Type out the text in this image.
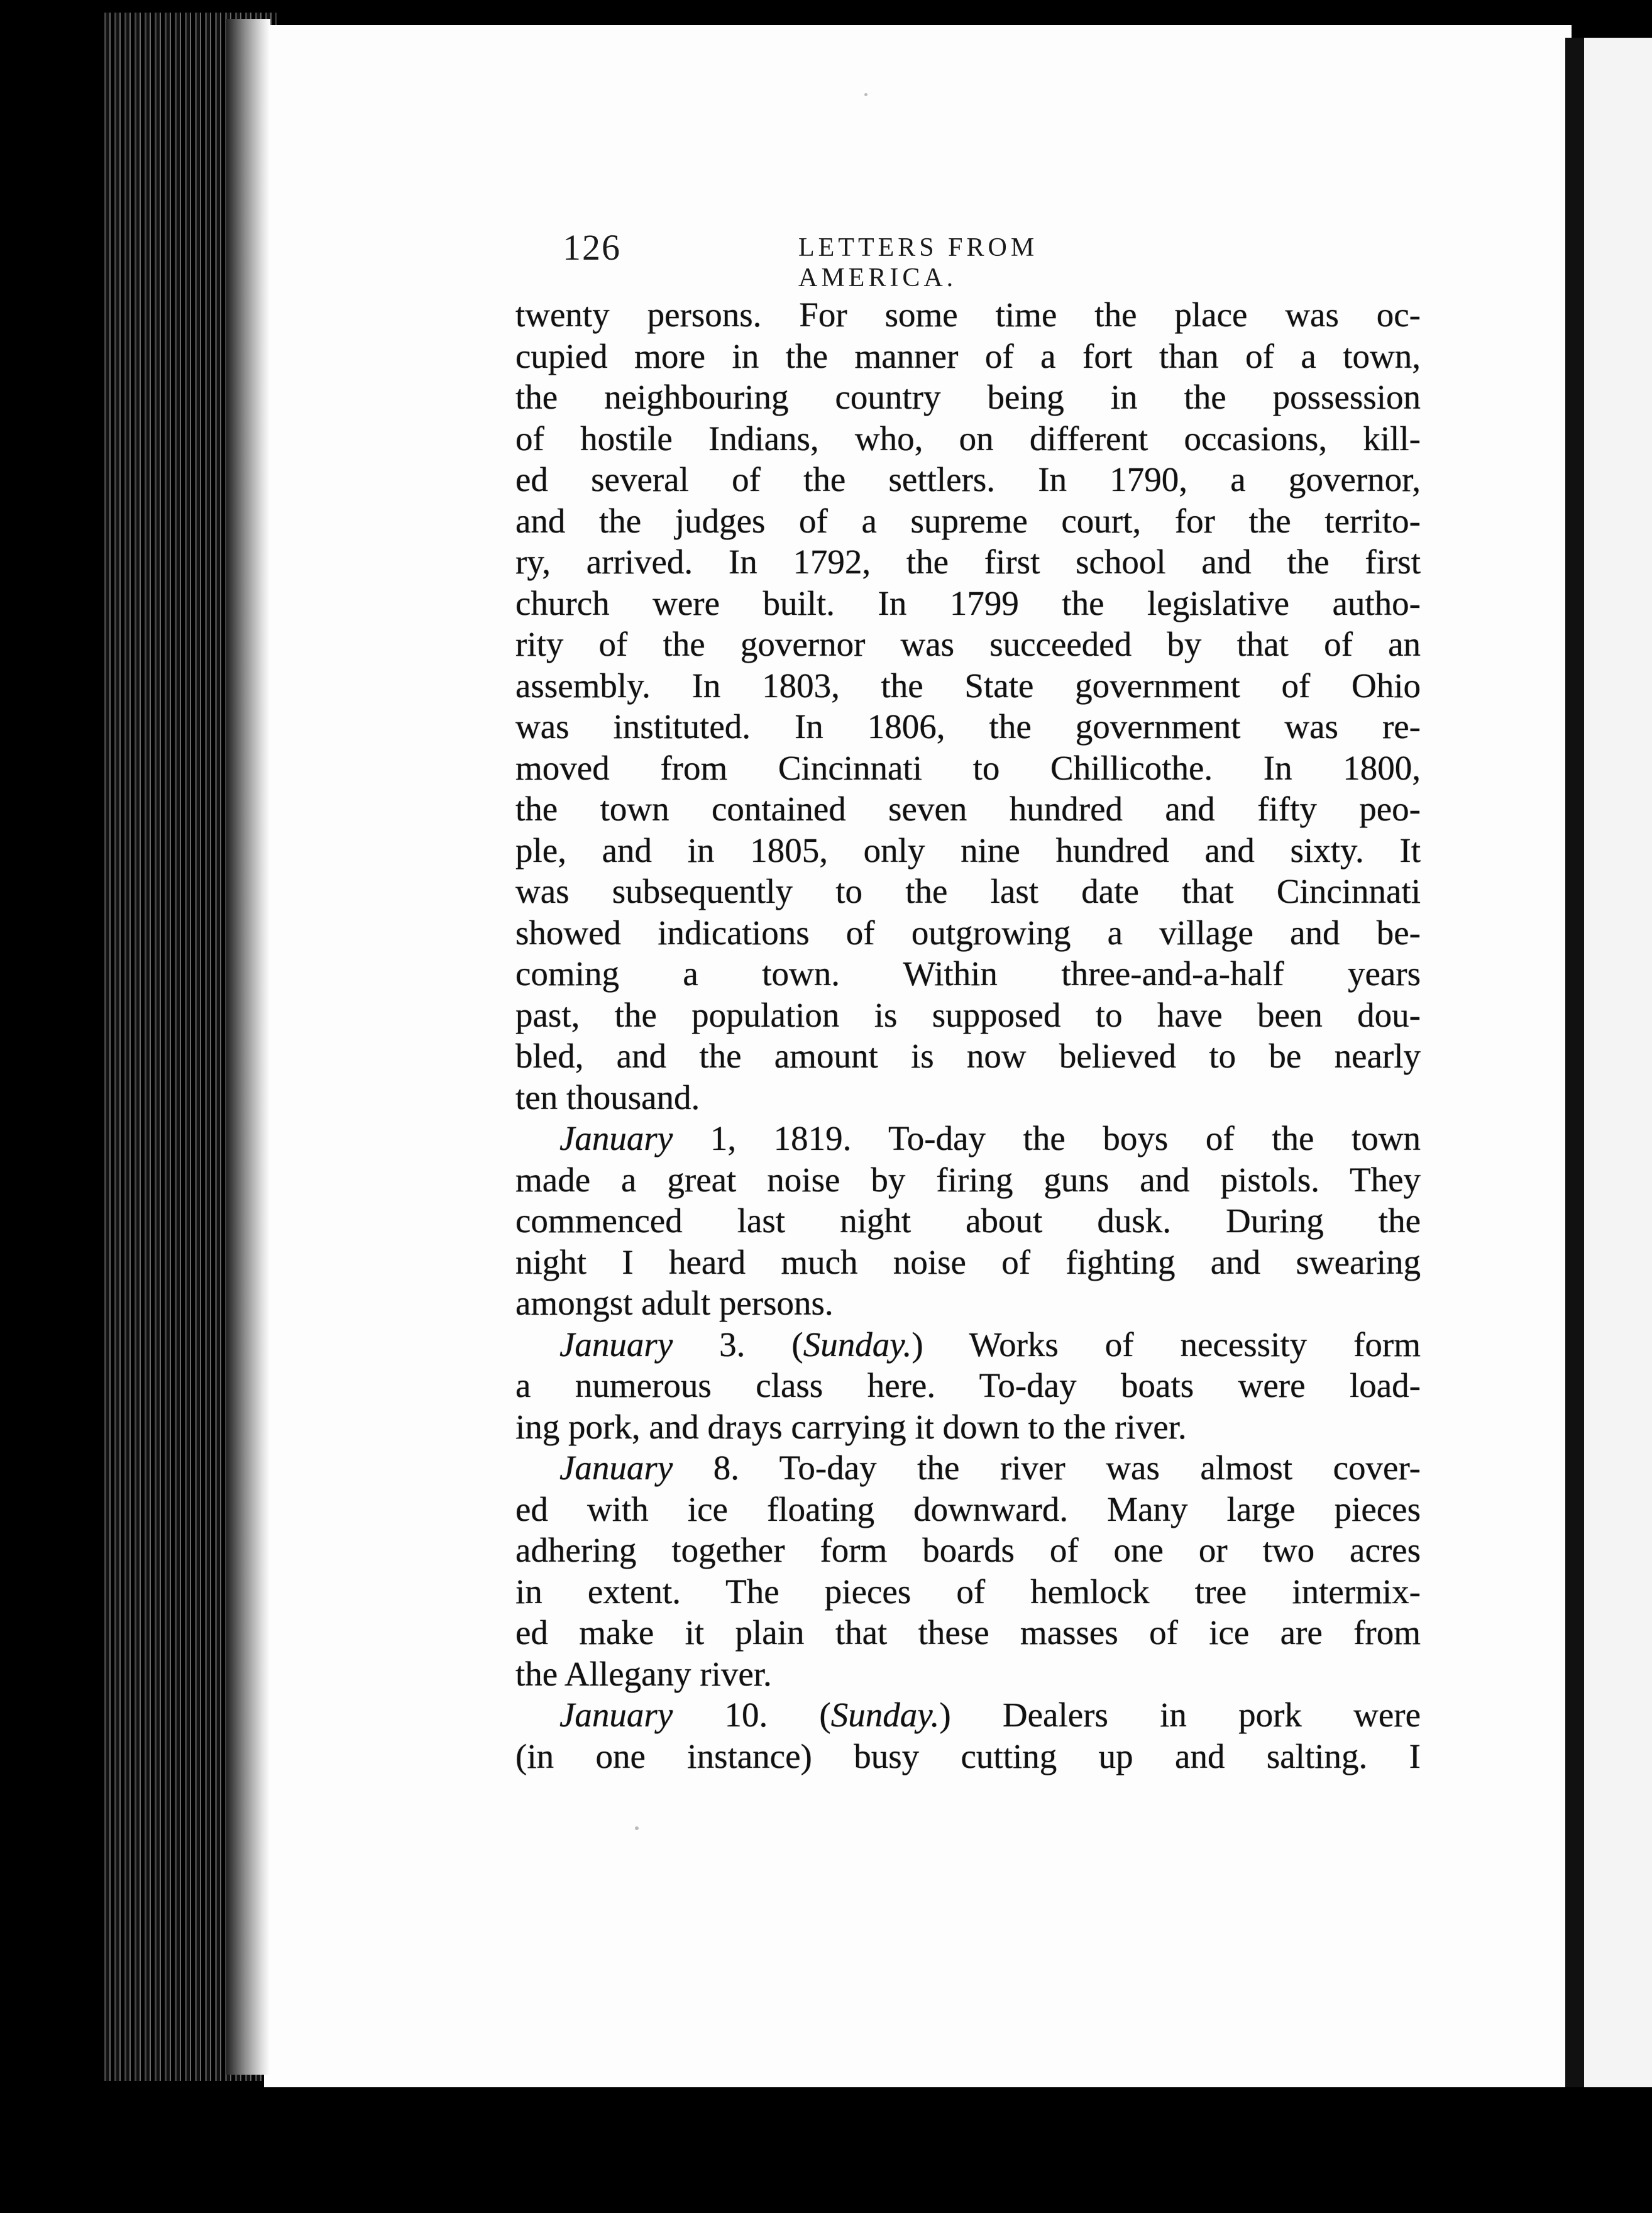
126	LETTERS FROM AMERICA.
twenty persons. For some time the place was oc-
cupied more in the manner of a fort than of a town,
the neighbouring country being in the possession
of hostile Indians, who, on different occasions, kill-
ed several of the settlers. In 1790, a governor,
and the judges of a supreme court, for the territo-
ry, arrived. In 1792, the first school and the first
church were built. In 1799 the legislative autho-
rity of the governor was succeeded by that of an
assembly. In 1803, the State government of Ohio
was instituted. In 1806, the government was re-
moved from Cincinnati to Chillicothe. In 1800,
the town contained seven hundred and fifty peo-
ple, and in 1805, only nine hundred and sixty. It
was subsequently to the last date that Cincinnati
showed indications of outgrowing a village and be-
coming a town. Within three-and-a-half years
past, the population is supposed to have been dou-
bled, and the amount is now believed to be nearly
ten thousand.
January 1, 1819. To-day the boys of the town
made a great noise by firing guns and pistols. They
commenced last night about dusk. During the
night I heard much noise of fighting and swearing
amongst adult persons.
January 3. (Sunday.) Works of necessity form
a numerous class here. To-day boats were load-
ing pork, and drays carrying it down to the river.
January 8. To-day the river was almost cover-
ed with ice floating downward. Many large pieces
adhering together form boards of one or two acres
in extent. The pieces of hemlock tree intermix-
ed make it plain that these masses of ice are from
the Allegany river.
January 10. (Sunday.) Dealers in pork were
(in one instance) busy cutting up and salting. I
